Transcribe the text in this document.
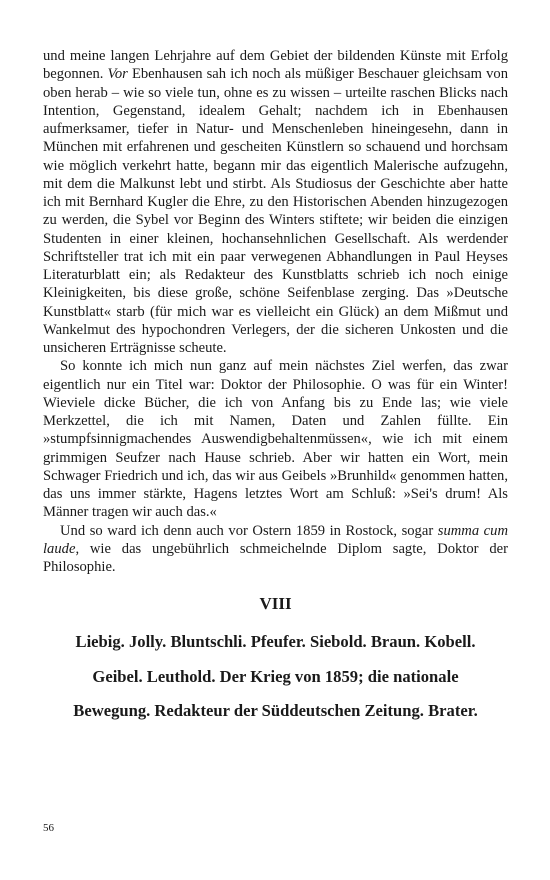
und meine langen Lehrjahre auf dem Gebiet der bildenden Künste mit Erfolg begonnen. Vor Ebenhausen sah ich noch als müßiger Beschauer gleichsam von oben herab – wie so viele tun, ohne es zu wissen – urteilte raschen Blicks nach Intention, Gegenstand, idealem Gehalt; nachdem ich in Ebenhausen aufmerksamer, tiefer in Natur- und Menschenleben hineingesehn, dann in München mit erfahrenen und gescheiten Künstlern so schauend und horchsam wie möglich verkehrt hatte, begann mir das eigentlich Malerische aufzugehn, mit dem die Malkunst lebt und stirbt. Als Studiosus der Geschichte aber hatte ich mit Bernhard Kugler die Ehre, zu den Historischen Abenden hinzugezogen zu werden, die Sybel vor Beginn des Winters stiftete; wir beiden die einzigen Studenten in einer kleinen, hochansehnlichen Gesellschaft. Als werdender Schriftsteller trat ich mit ein paar verwegenen Abhandlungen in Paul Heyses Literaturblatt ein; als Redakteur des Kunstblatts schrieb ich noch einige Kleinigkeiten, bis diese große, schöne Seifenblase zerging. Das »Deutsche Kunstblatt« starb (für mich war es vielleicht ein Glück) an dem Mißmut und Wankelmut des hypochondren Verlegers, der die sicheren Unkosten und die unsicheren Erträgnisse scheute.

So konnte ich mich nun ganz auf mein nächstes Ziel werfen, das zwar eigentlich nur ein Titel war: Doktor der Philosophie. O was für ein Winter! Wieviele dicke Bücher, die ich von Anfang bis zu Ende las; wie viele Merkzettel, die ich mit Namen, Daten und Zahlen füllte. Ein »stumpfsinnigmachendes Auswendigbehaltenmüssen«, wie ich mit einem grimmigen Seufzer nach Hause schrieb. Aber wir hatten ein Wort, mein Schwager Friedrich und ich, das wir aus Geibels »Brunhild« genommen hatten, das uns immer stärkte, Hagens letztes Wort am Schluß: »Sei's drum! Als Männer tragen wir auch das.«

Und so ward ich denn auch vor Ostern 1859 in Rostock, sogar summa cum laude, wie das ungebührlich schmeichelnde Diplom sagte, Doktor der Philosophie.

VIII
Liebig. Jolly. Bluntschli. Pfeufer. Siebold. Braun. Kobell.
Geibel. Leuthold. Der Krieg von 1859; die nationale
Bewegung. Redakteur der Süddeutschen Zeitung. Brater.

56
